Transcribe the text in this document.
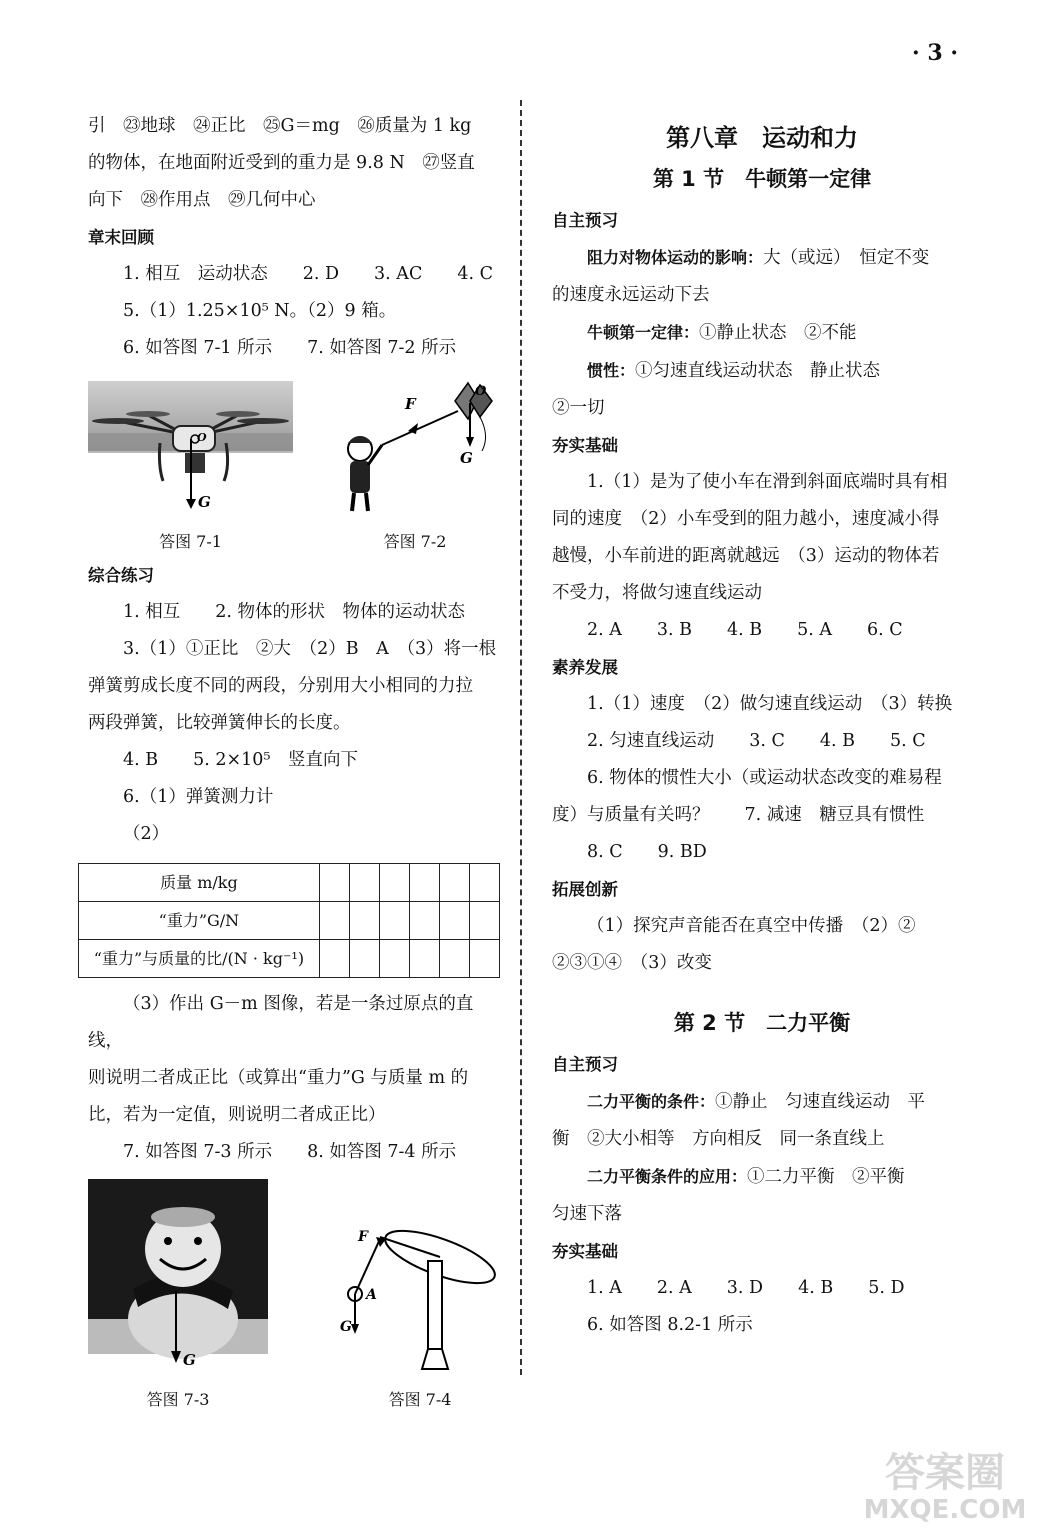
· 3 ·

引　㉓地球　㉔正比　㉕G＝mg　㉖质量为 1 kg

的物体，在地面附近受到的重力是 9.8 N　㉗竖直

向下　㉘作用点　㉙几何中心

章末回顾

1. 相互　运动状态　　2. D　　3. AC　　4. C

5.（1）1.25×10⁵ N。（2）9 箱。

6. 如答图 7-1 所示　　7. 如答图 7-2 所示

G
O
答图 7-1
F
O
G
答图 7-2

综合练习

1. 相互　　2. 物体的形状　物体的运动状态

3.（1）①正比　②大　（2）B　A　（3）将一根

弹簧剪成长度不同的两段，分别用大小相同的力拉

两段弹簧，比较弹簧伸长的长度。

4. B　　5. 2×10⁵　竖直向下

6.（1）弹簧测力计

（2）

质量 m/kg						
“重力”G/N						
“重力”与质量的比/(N · kg⁻¹)						

（3）作出 G－m 图像，若是一条过原点的直线，

则说明二者成正比（或算出“重力”G 与质量 m 的

比，若为一定值，则说明二者成正比）

7. 如答图 7-3 所示　　8. 如答图 7-4 所示

G
答图 7-3
F
A
G
答图 7-4

第八章　运动和力

第 1 节　牛顿第一定律

自主预习

阻力对物体运动的影响：大（或远）　恒定不变

的速度永远运动下去

牛顿第一定律：①静止状态　②不能

惯性：①匀速直线运动状态　静止状态

②一切

夯实基础

1.（1）是为了使小车在滑到斜面底端时具有相

同的速度　（2）小车受到的阻力越小，速度减小得

越慢，小车前进的距离就越远　（3）运动的物体若

不受力，将做匀速直线运动

2. A　　3. B　　4. B　　5. A　　6. C

素养发展

1.（1）速度　（2）做匀速直线运动　（3）转换

2. 匀速直线运动　　3. C　　4. B　　5. C

6. 物体的惯性大小（或运动状态改变的难易程

度）与质量有关吗？　　7. 减速　糖豆具有惯性

8. C　　9. BD

拓展创新

（1）探究声音能否在真空中传播　（2）②

②③①④　（3）改变

第 2 节　二力平衡

自主预习

二力平衡的条件：①静止　匀速直线运动　平

衡　②大小相等　方向相反　同一条直线上

二力平衡条件的应用：①二力平衡　②平衡

匀速下落

夯实基础

1. A　　2. A　　3. D　　4. B　　5. D

6. 如答图 8.2-1 所示

答案圈
MXQE.COM
